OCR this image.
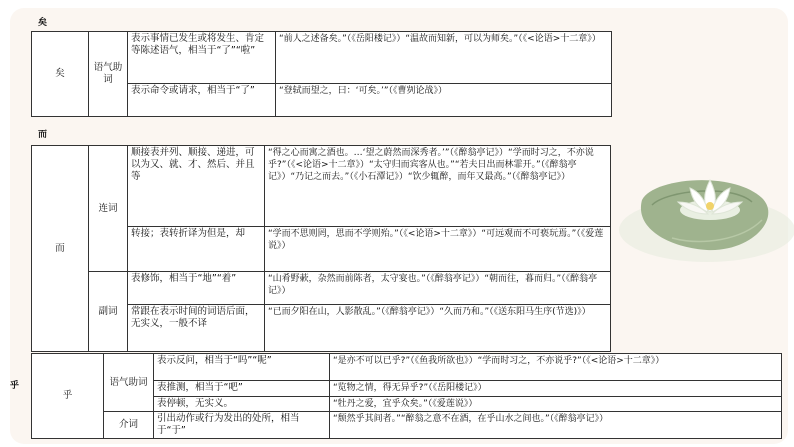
矣
矣	语气助词	表示事情已发生或将发生、肯定等陈述语气，相当于“了”“啦”	“前人之述备矣。”（《岳阳楼记》）“温故而知新，可以为师矣。”（《<论语>十二章》）
		表示命令或请求，相当于“了”	“登轼而望之，曰：‘可矣。’”（《曹刿论战》）
而
而	连词	顺接表并列、顺接、递进，可以为又、就、才、然后、并且等	“得之心而寓之酒也。…‘望之蔚然而深秀者。’”（《醉翁亭记》）“学而时习之，不亦说乎?”（《<论语>十二章》）“太守归而宾客从也。”“若夫日出而林霏开。”（《醉翁亭记》）“乃记之而去。”（《小石潭记》）“饮少辄醉，而年又最高。”（《醉翁亭记》）
		转接；表转折译为但是，却	“学而不思则罔，思而不学则殆。”（《<论语>十二章》）“可远观而不可亵玩焉。”（《爱莲说》）
	副词	表修饰，相当于“地”“着”	“山肴野蔌，杂然而前陈者，太守宴也。”（《醉翁亭记》）“朝而往，暮而归。”（《醉翁亭记》）
		常跟在表示时间的词语后面，无实义，一般不译	“已而夕阳在山，人影散乱。”（《醉翁亭记》）“久而乃和。”（《送东阳马生序(节选)》）
乎
乎	语气助词	表示反问，相当于“吗”“呢”	“是亦不可以已乎?”（《鱼我所欲也》）“学而时习之，不亦说乎?”（《<论语>十二章》）
		表推测，相当于“吧”	“览物之情，得无异乎?”（《岳阳楼记》）
		表停顿，无实义。	“牡丹之爱，宜乎众矣。”（《爱莲说》）
	介词	引出动作或行为发出的处所，相当于“于”	“颓然乎其间者。”“醉翁之意不在酒，在乎山水之间也。”（《醉翁亭记》）
